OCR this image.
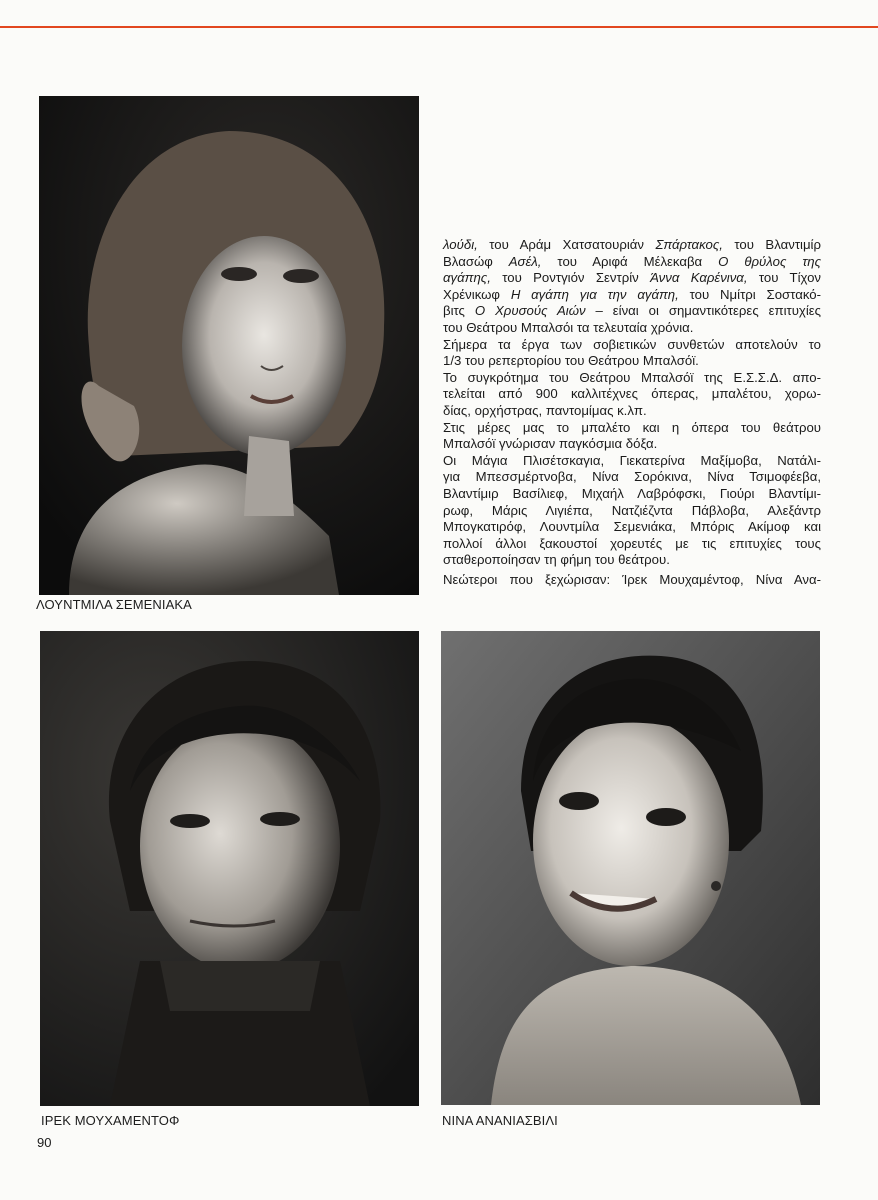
ΛΟΥΝΤΜΙΛΑ ΣΕΜΕΝΙΑΚΑ
ΙΡΕΚ ΜΟΥΧΑΜΕΝΤΟΦ	ΝΙΝΑ ΑΝΑΝΙΑΣΒΙΛΙ
λούδι, του Αράμ Χατσατουριάν Σπάρτακος, του Βλαντιμίρ
Βλασώφ Ασέλ, του Αριφά Μέλεκαβα Ο θρύλος της
αγάπης, του Ροντγιόν Σεντρίν Άννα Καρένινα, του Τίχον
Χρένικωφ Η αγάπη για την αγάπη, του Νμίτρι Σοστακό-
βιτς Ο Χρυσούς Αιών – είναι οι σημαντικότερες επιτυχίες
του Θεάτρου Μπαλσόι τα τελευταία χρόνια.
Σήμερα τα έργα των σοβιετικών συνθετών αποτελούν το
1/3 του ρεπερτορίου του Θεάτρου Μπαλσόϊ.
Το συγκρότημα του Θεάτρου Μπαλσόϊ της Ε.Σ.Σ.Δ. απο-
τελείται από 900 καλλιτέχνες όπερας, μπαλέτου, χορω-
δίας, ορχήστρας, παντομίμας κ.λπ.
Στις μέρες μας το μπαλέτο και η όπερα του θεάτρου
Μπαλσόϊ γνώρισαν παγκόσμια δόξα.
Οι Μάγια Πλισέτσκαγια, Γιεκατερίνα Μαξίμοβα, Νατάλι-
για Μπεσσμέρτνοβα, Νίνα Σορόκινα, Νίνα Τσιμοφέεβα,
Βλαντίμιρ Βασίλιεφ, Μιχαήλ Λαβρόφσκι, Γιούρι Βλαντίμι-
ρωφ, Μάρις Λιγιέπα, Νατζιέζντα Πάβλοβα, Αλεξάντρ
Μπογκατιρόφ, Λουντμίλα Σεμενιάκα, Μπόρις Ακίμοφ και
πολλοί άλλοι ξακουστοί χορευτές με τις επιτυχίες τους
σταθεροποίησαν τη φήμη του θεάτρου.
Νεώτεροι που ξεχώρισαν: Ίρεκ Μουχαμέντοφ, Νίνα Ανα-
90
